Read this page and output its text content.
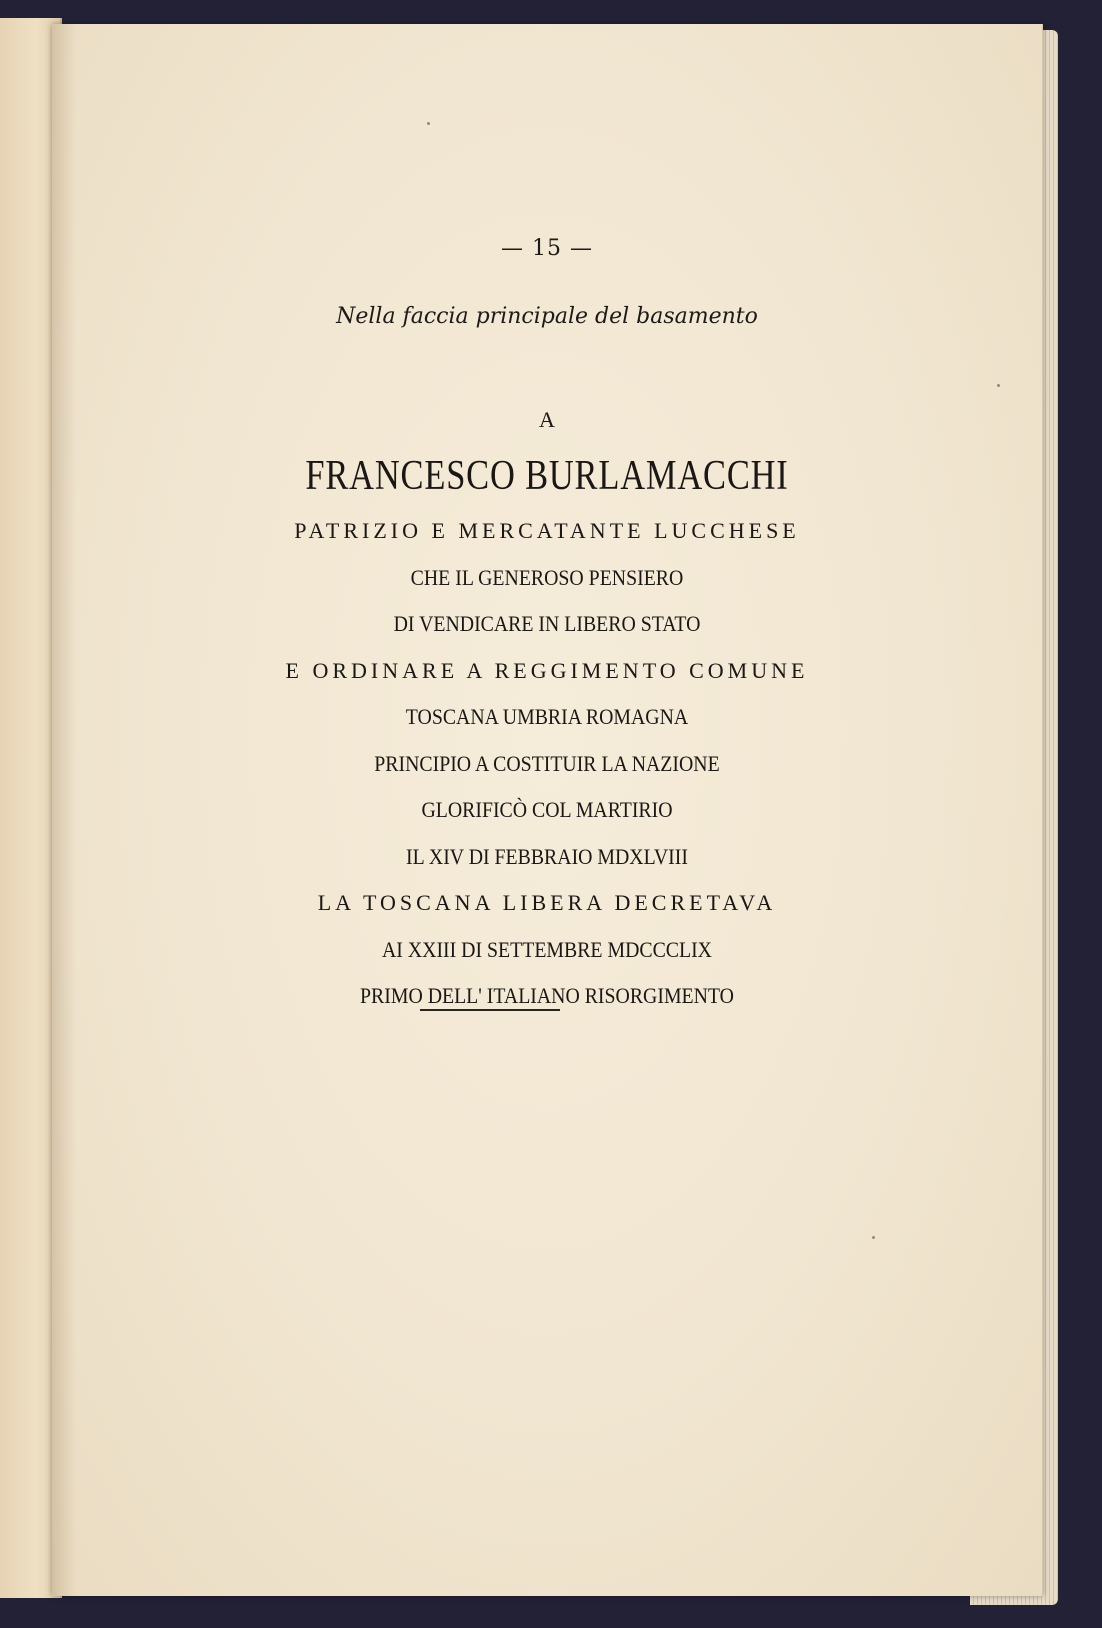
— 15 —
Nella faccia principale del basamento
A
FRANCESCO BURLAMACCHI
PATRIZIO E MERCATANTE LUCCHESE
CHE IL GENEROSO PENSIERO
DI VENDICARE IN LIBERO STATO
E ORDINARE A REGGIMENTO COMUNE
TOSCANA UMBRIA ROMAGNA
PRINCIPIO A COSTITUIR LA NAZIONE
GLORIFICÒ COL MARTIRIO
IL XIV DI FEBBRAIO MDXLVIII
LA TOSCANA LIBERA DECRETAVA
AI XXIII DI SETTEMBRE MDCCCLIX
PRIMO DELL' ITALIANO RISORGIMENTO
